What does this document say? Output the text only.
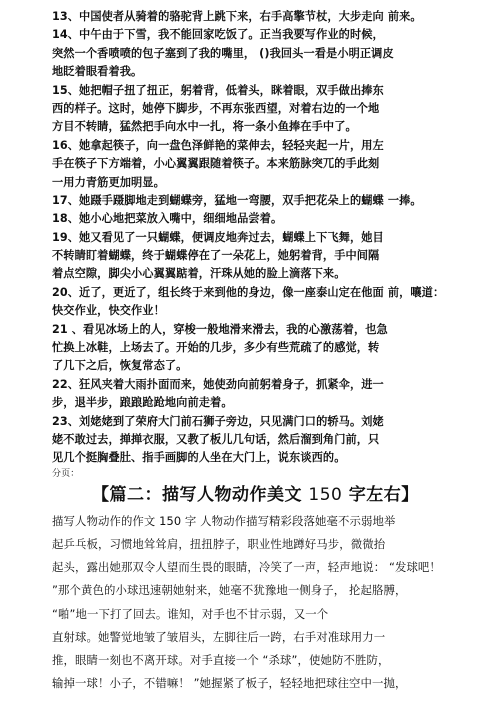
13、中国使者从骑着的骆驼背上跳下来，右手高擎节杖，大步走向 前来。
14、中午由于下雪，我不能回家吃饭了。正当我要写作业的时候，
突然一个香喷喷的包子塞到了我的嘴里， ()我回头一看是小明正调皮
地眨着眼看着我。
15、她把帽子扭了扭正，躬着背，低着头，眯着眼，双手做出捧东
西的样子。这时，她停下脚步，不再东张西望，对着右边的一个地
方目不转睛，猛然把手向水中一扎，将一条小鱼捧在手中了。
16、她拿起筷子，向一盘色泽鲜艳的菜伸去，轻轻夹起一片，用左
手在筷子下方端着，小心翼翼跟随着筷子。本来筋脉突兀的手此刻
一用力青筋更加明显。
17、她蹑手蹑脚地走到蝴蝶旁，猛地一弯腰，双手把花朵上的蝴蝶 一捧。
18、她小心地把菜放入嘴中，细细地品尝着。
19、她又看见了一只蝴蝶，便调皮地奔过去，蝴蝶上下飞舞，她目
不转睛盯着蝴蝶，终于蝴蝶停在了一朵花上，她躬着背，手中间隔
着点空隙，脚尖小心翼翼踮着，汗珠从她的脸上滴落下来。
20、近了，更近了，组长终于来到他的身边，像一座泰山定在他面 前，嚷道：
快交作业，快交作业！
21 、看见冰场上的人，穿梭一般地滑来滑去，我的心激荡着，也急
忙换上冰鞋，上场去了。开始的几步，多少有些荒疏了的感觉，转
了几下之后，恢复常态了。
22、狂风夹着大雨扑面而来，她使劲向前躬着身子，抓紧伞，进一
步，退半步，踉踉跄跄地向前走着。
23、刘姥姥到了荣府大门前石狮子旁边，只见满门口的轿马。刘姥
姥不敢过去，掸掸衣服，又教了板儿几句话，然后溜到角门前，只
见几个挺胸叠肚、指手画脚的人坐在大门上，说东谈西的。
分页：
【篇二：描写人物动作美文 150 字左右】
描写人物动作的作文 150 字 人物动作描写精彩段落她毫不示弱地举
起乒乓板，习惯地耸耸肩，扭扭脖子，职业性地蹲好马步，微微抬
起头，露出她那双令人望而生畏的眼睛，冷笑了一声，轻声地说： “发球吧！
”那个黄色的小球迅速朝她射来，她毫不犹豫地一侧身子， 抡起胳膊，
“啪”地一下打了回去。谁知，对手也不甘示弱，又一个
直射球。她警觉地皱了皱眉头，左脚往后一跨，右手对准球用力一
推，眼睛一刻也不离开球。对手直接一个 “杀球”，使她防不胜防，
输掉一球！小子，不错嘛！ ”她握紧了板子，轻轻地把球往空中一抛，
